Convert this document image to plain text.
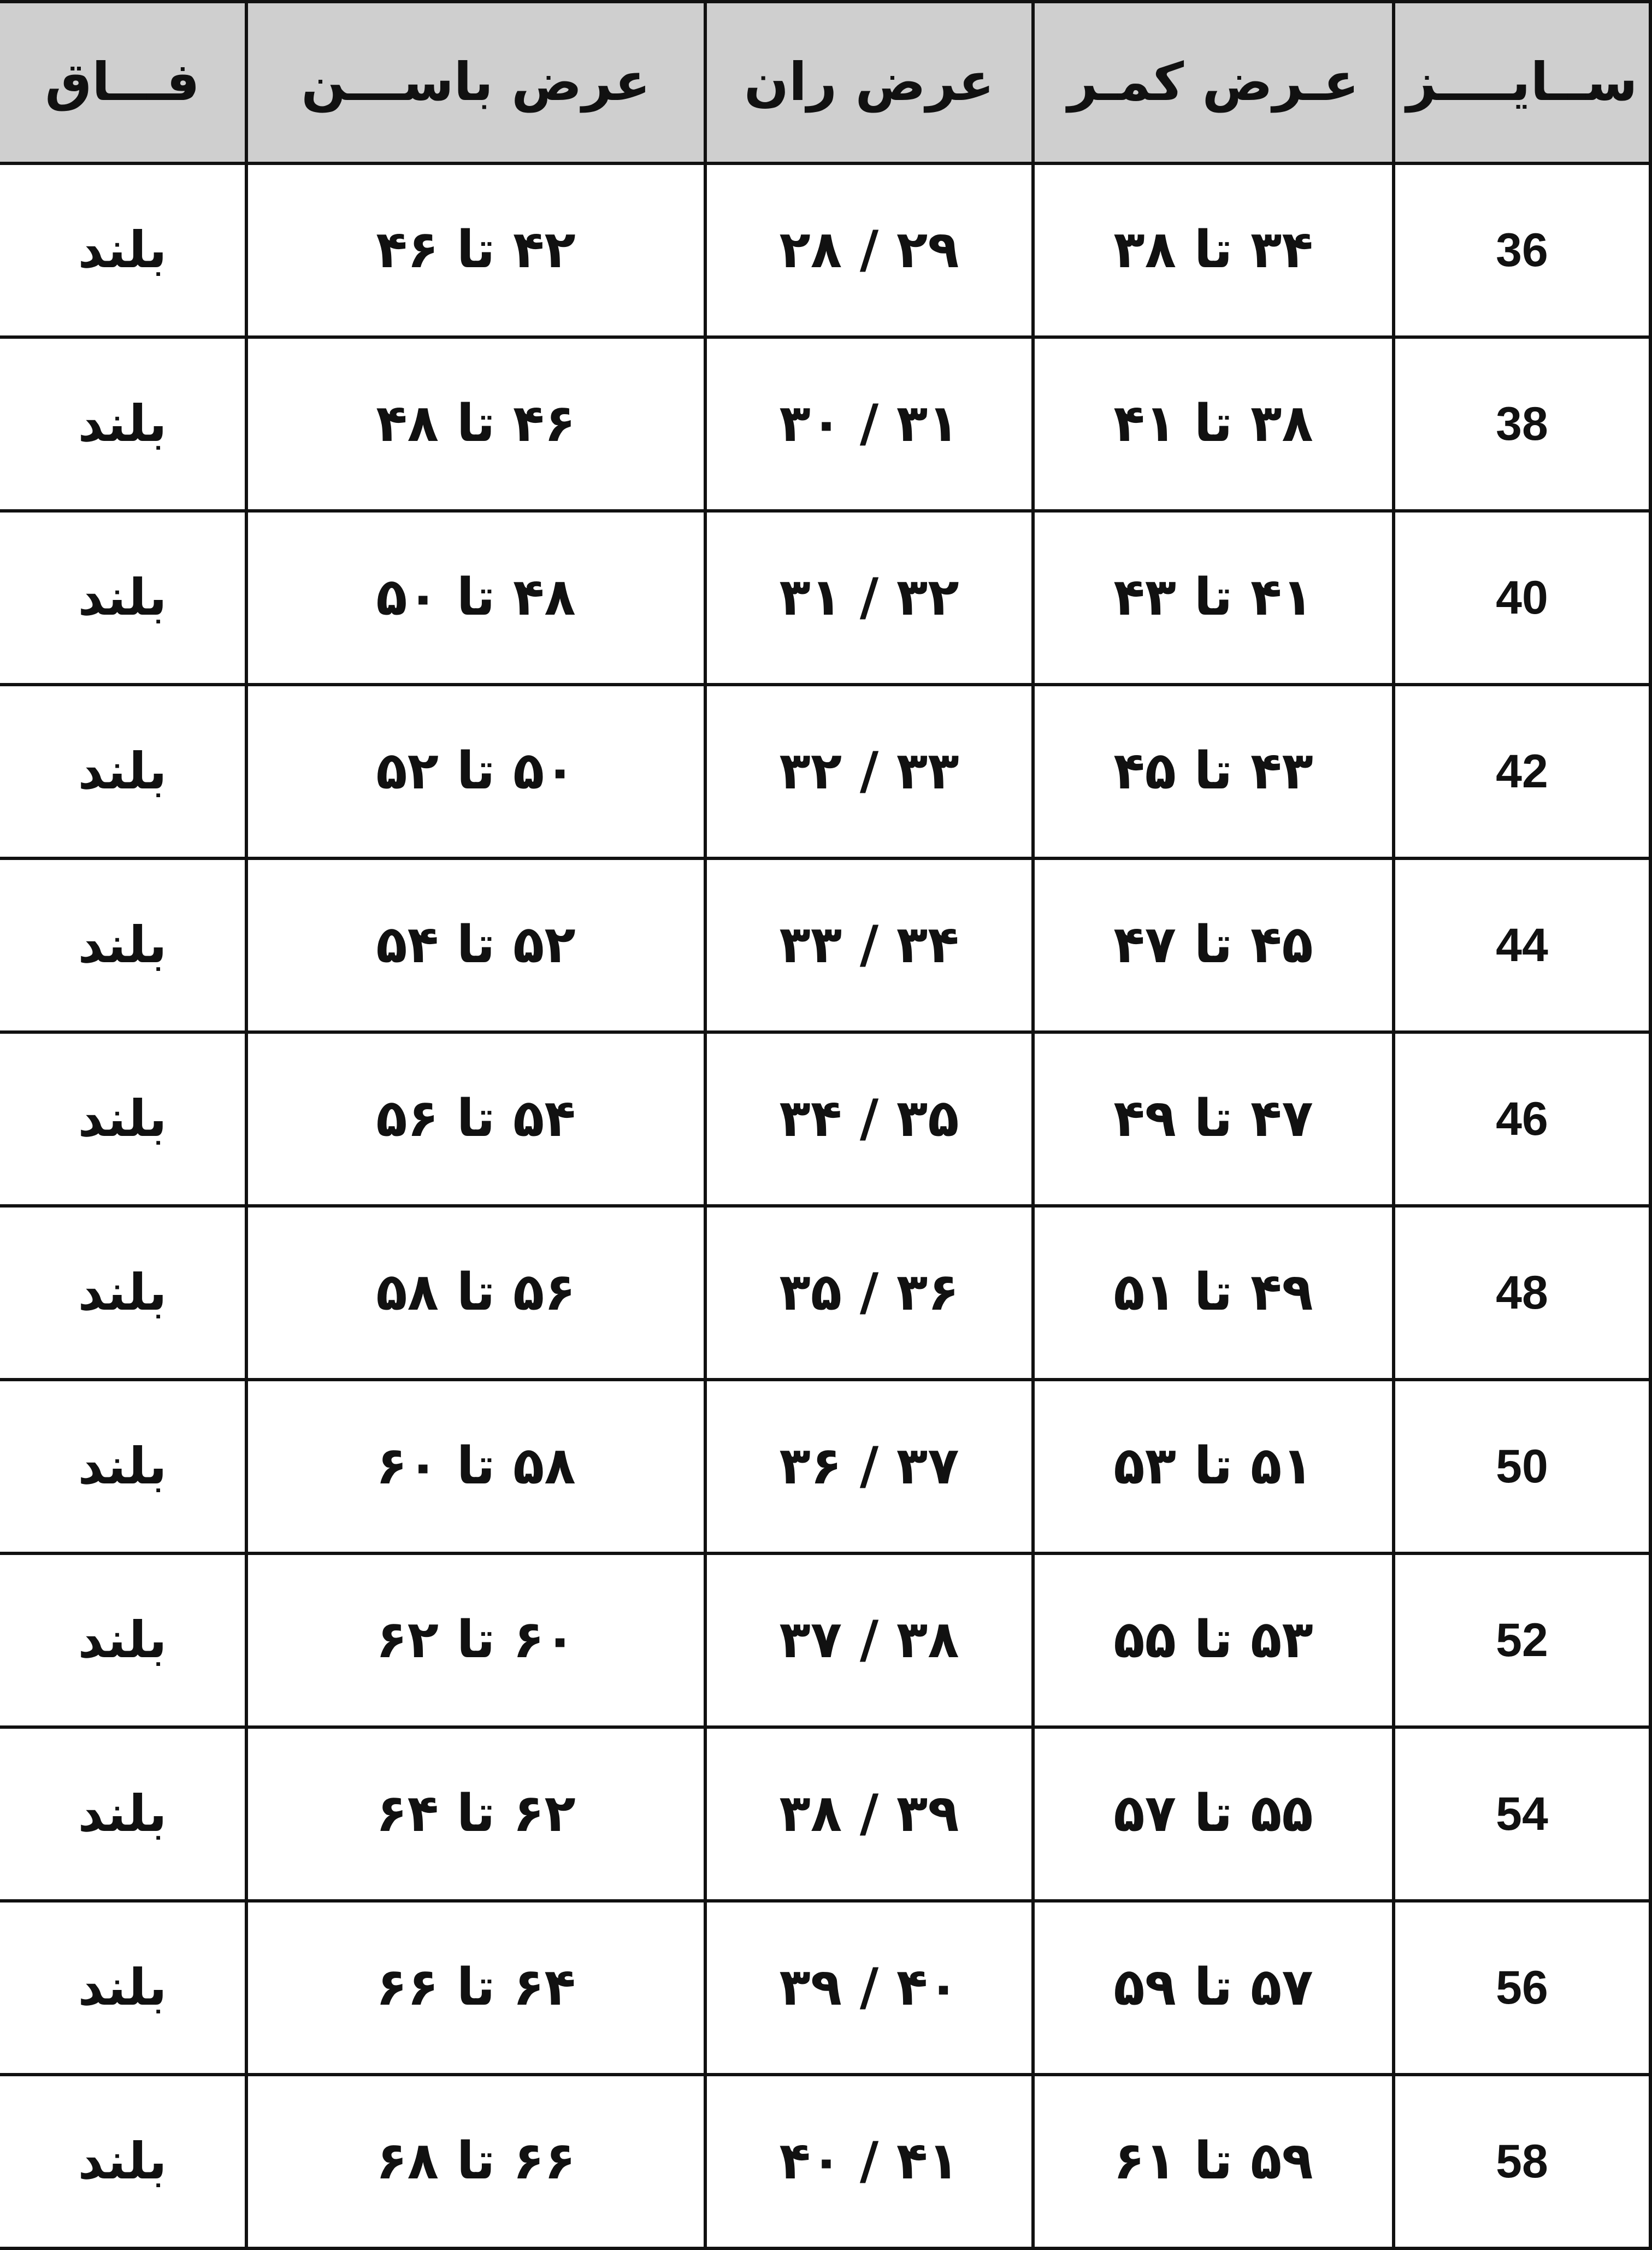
ســایــــز	عـرض کمـر	عرض ران	عرض باســـن	فـــاق
36	۳۴ تا ۳۸	۲۹ / ۲۸	۴۲ تا ۴۶	بلند
38	۳۸ تا ۴۱	۳۱ / ۳۰	۴۶ تا ۴۸	بلند
40	۴۱ تا ۴۳	۳۲ / ۳۱	۴۸ تا ۵۰	بلند
42	۴۳ تا ۴۵	۳۳ / ۳۲	۵۰ تا ۵۲	بلند
44	۴۵ تا ۴۷	۳۴ / ۳۳	۵۲ تا ۵۴	بلند
46	۴۷ تا ۴۹	۳۵ / ۳۴	۵۴ تا ۵۶	بلند
48	۴۹ تا ۵۱	۳۶ / ۳۵	۵۶ تا ۵۸	بلند
50	۵۱ تا ۵۳	۳۷ / ۳۶	۵۸ تا ۶۰	بلند
52	۵۳ تا ۵۵	۳۸ / ۳۷	۶۰ تا ۶۲	بلند
54	۵۵ تا ۵۷	۳۹ / ۳۸	۶۲ تا ۶۴	بلند
56	۵۷ تا ۵۹	۴۰ / ۳۹	۶۴ تا ۶۶	بلند
58	۵۹ تا ۶۱	۴۱ / ۴۰	۶۶ تا ۶۸	بلند
